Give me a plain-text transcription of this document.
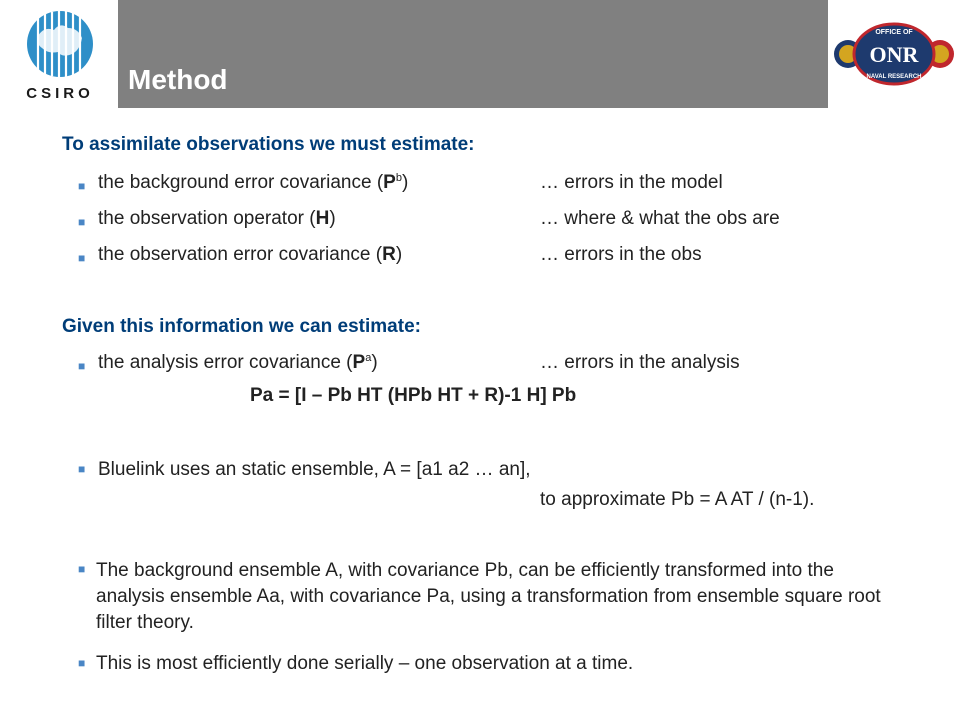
Method
CSIRO
OFFICE OF
ONR
NAVAL RESEARCH
To assimilate observations we must estimate:
■ the background error covariance $(P^b)$	… errors in the model
■ the observation operator (H)	… where & what the obs are
■ the observation error covariance (R)	… errors in the obs
Given this information we can estimate:
■ the analysis error covariance $(P^a)$	… errors in the analysis
Pa = [I – Pb HT (HPb HT + R)-1 H] Pb
■ Bluelink uses an static ensemble, A = [a1 a2 … an],
to approximate Pb = A AT / (n-1).
■ The background ensemble A, with covariance Pb, can be efficiently transformed into the analysis ensemble Aa, with covariance Pa, using a transformation from ensemble square root filter theory.
■ This is most efficiently done serially – one observation at a time.
